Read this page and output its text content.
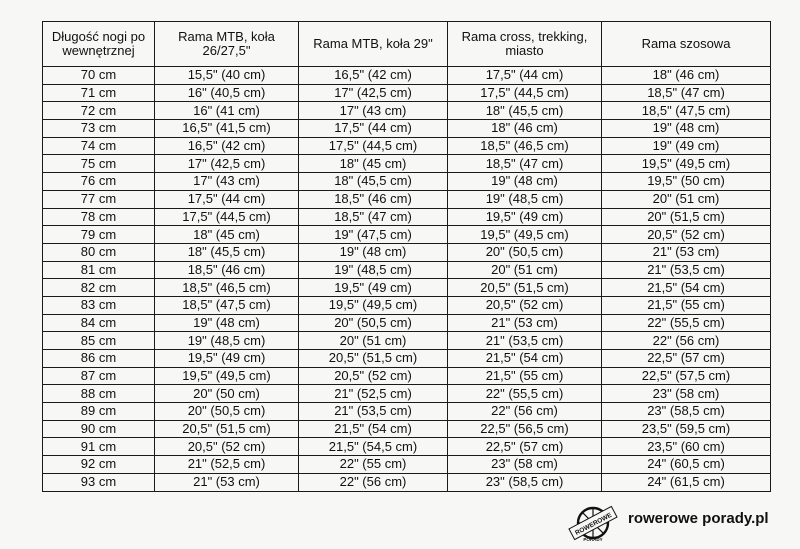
Długość nogi po wewnętrznej	Rama MTB, koła 26/27,5"	Rama MTB, koła 29"	Rama cross, trekking, miasto	Rama szosowa
70 cm	15,5" (40 cm)	16,5" (42 cm)	17,5" (44 cm)	18" (46 cm)
71 cm	16" (40,5 cm)	17" (42,5 cm)	17,5" (44,5 cm)	18,5" (47 cm)
72 cm	16" (41 cm)	17" (43 cm)	18" (45,5 cm)	18,5" (47,5 cm)
73 cm	16,5" (41,5 cm)	17,5" (44 cm)	18" (46 cm)	19" (48 cm)
74 cm	16,5" (42 cm)	17,5" (44,5 cm)	18,5" (46,5 cm)	19" (49 cm)
75 cm	17" (42,5 cm)	18" (45 cm)	18,5" (47 cm)	19,5" (49,5 cm)
76 cm	17" (43 cm)	18" (45,5 cm)	19" (48 cm)	19,5" (50 cm)
77 cm	17,5" (44 cm)	18,5" (46 cm)	19" (48,5 cm)	20" (51 cm)
78 cm	17,5" (44,5 cm)	18,5" (47 cm)	19,5" (49 cm)	20" (51,5 cm)
79 cm	18" (45 cm)	19" (47,5 cm)	19,5" (49,5 cm)	20,5" (52 cm)
80 cm	18" (45,5 cm)	19" (48 cm)	20" (50,5 cm)	21" (53 cm)
81 cm	18,5" (46 cm)	19" (48,5 cm)	20" (51 cm)	21" (53,5 cm)
82 cm	18,5" (46,5 cm)	19,5" (49 cm)	20,5" (51,5 cm)	21,5" (54 cm)
83 cm	18,5" (47,5 cm)	19,5" (49,5 cm)	20,5" (52 cm)	21,5" (55 cm)
84 cm	19" (48 cm)	20" (50,5 cm)	21" (53 cm)	22" (55,5 cm)
85 cm	19" (48,5 cm)	20" (51 cm)	21" (53,5 cm)	22" (56 cm)
86 cm	19,5" (49 cm)	20,5" (51,5 cm)	21,5" (54 cm)	22,5" (57 cm)
87 cm	19,5" (49,5 cm)	20,5" (52 cm)	21,5" (55 cm)	22,5" (57,5 cm)
88 cm	20" (50 cm)	21" (52,5 cm)	22" (55,5 cm)	23" (58 cm)
89 cm	20" (50,5 cm)	21" (53,5 cm)	22" (56 cm)	23" (58,5 cm)
90 cm	20,5" (51,5 cm)	21,5" (54 cm)	22,5" (56,5 cm)	23,5" (59,5 cm)
91 cm	20,5" (52 cm)	21,5" (54,5 cm)	22,5" (57 cm)	23,5" (60 cm)
92 cm	21" (52,5 cm)	22" (55 cm)	23" (58 cm)	24" (60,5 cm)
93 cm	21" (53 cm)	22" (56 cm)	23" (58,5 cm)	24" (61,5 cm)
ROWEROWE
PORADY
rowerowe porady.pl
